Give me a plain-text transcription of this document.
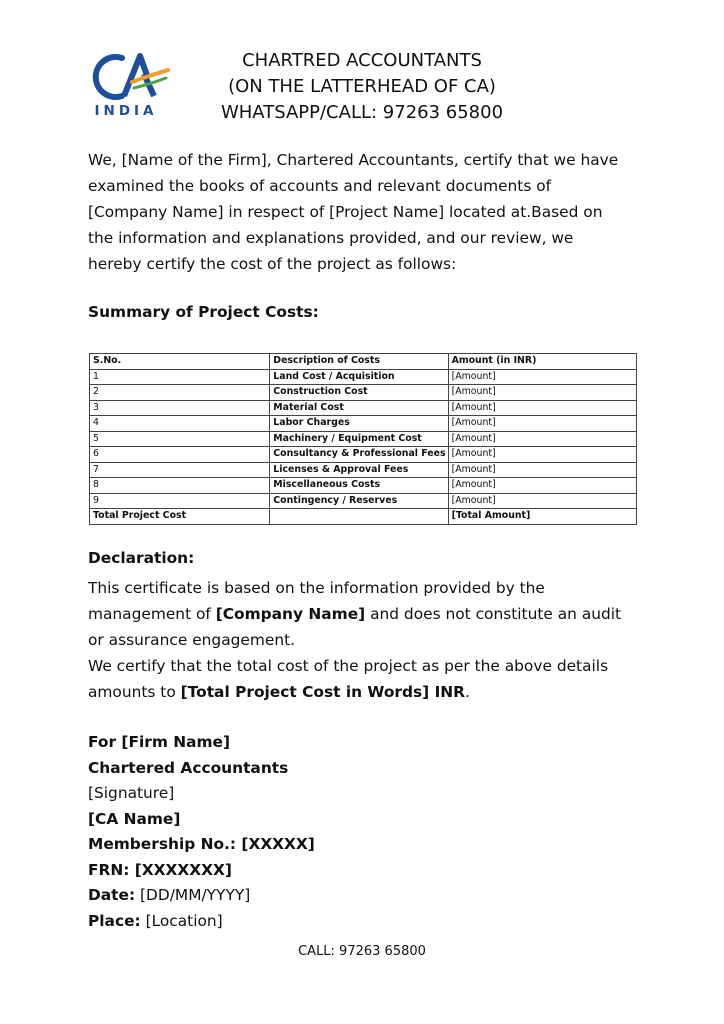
INDIA
CHARTRED ACCOUNTANTS
(ON THE LATTERHEAD OF CA)
WHATSAPP/CALL: 97263 65800
We, [Name of the Firm], Chartered Accountants, certify that we have
examined the books of accounts and relevant documents of
[Company Name] in respect of [Project Name] located at.Based on
the information and explanations provided, and our review, we
hereby certify the cost of the project as follows:
Summary of Project Costs:
S.No.	Description of Costs	Amount (in INR)
1	Land Cost / Acquisition	[Amount]
2	Construction Cost	[Amount]
3	Material Cost	[Amount]
4	Labor Charges	[Amount]
5	Machinery / Equipment Cost	[Amount]
6	Consultancy & Professional Fees	[Amount]
7	Licenses & Approval Fees	[Amount]
8	Miscellaneous Costs	[Amount]
9	Contingency / Reserves	[Amount]
Total Project Cost		[Total Amount]
Declaration:
This certificate is based on the information provided by the
management of [Company Name] and does not constitute an audit
or assurance engagement.
We certify that the total cost of the project as per the above details
amounts to [Total Project Cost in Words] INR.
For [Firm Name]
Chartered Accountants
[Signature]
[CA Name]
Membership No.: [XXXXX]
FRN: [XXXXXXX]
Date: [DD/MM/YYYY]
Place: [Location]
CALL: 97263 65800
